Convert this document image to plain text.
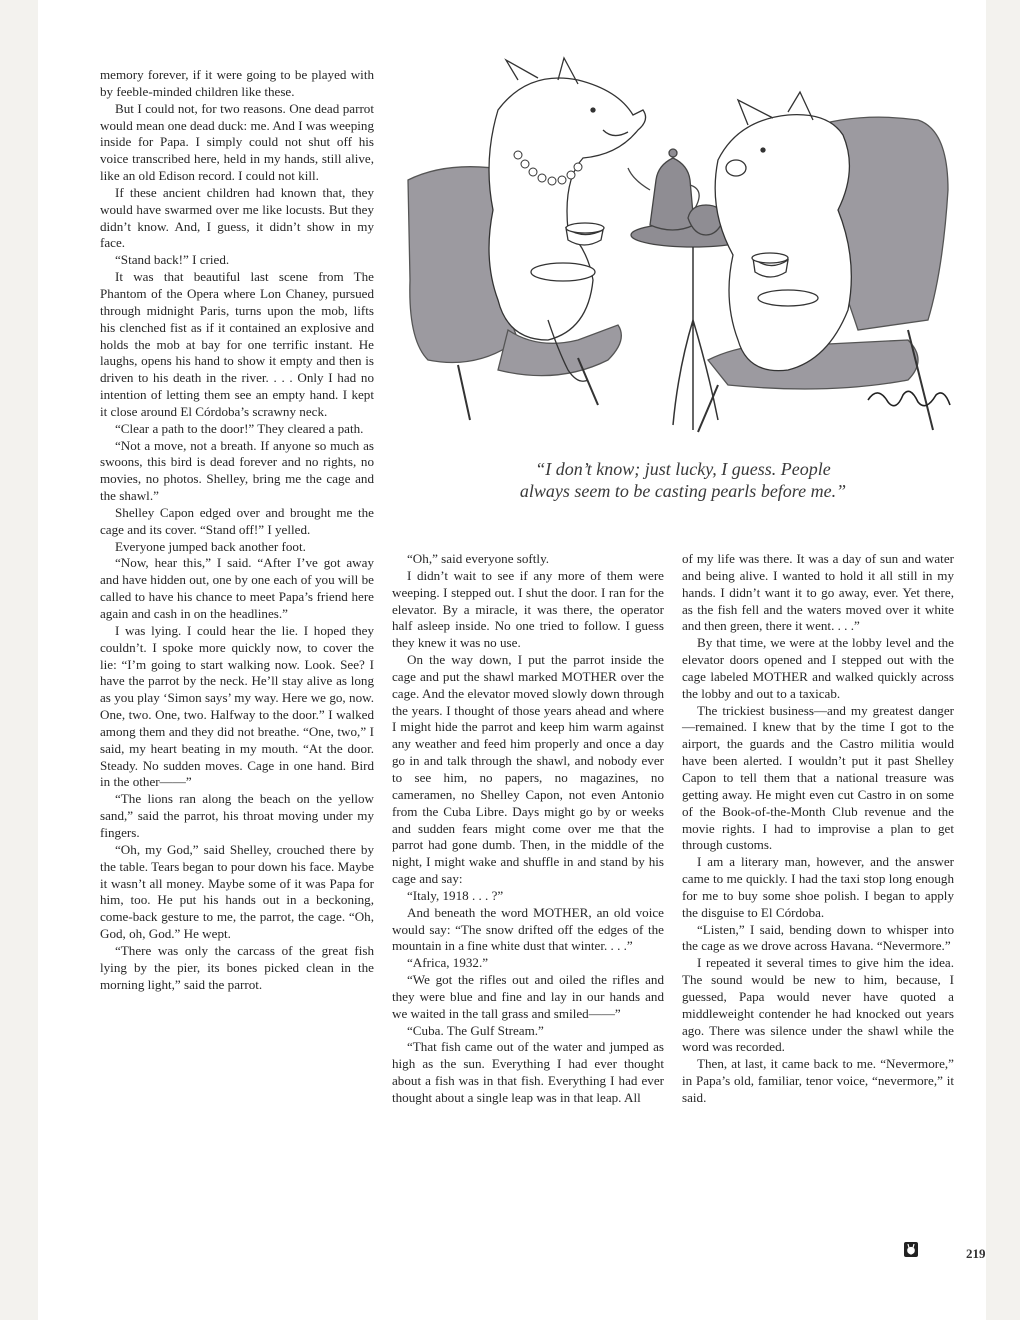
“I don’t know; just lucky, I guess. People
always seem to be casting pearls before me.”

memory forever, if it were going to be played with by feeble-minded children like these.

But I could not, for two reasons. One dead parrot would mean one dead duck: me. And I was weeping inside for Papa. I simply could not shut off his voice transcribed here, held in my hands, still alive, like an old Edison record. I could not kill.

If these ancient children had known that, they would have swarmed over me like locusts. But they didn’t know. And, I guess, it didn’t show in my face.

“Stand back!” I cried.

It was that beautiful last scene from The Phantom of the Opera where Lon Chaney, pursued through midnight Paris, turns upon the mob, lifts his clenched fist as if it contained an explosive and holds the mob at bay for one terrific instant. He laughs, opens his hand to show it empty and then is driven to his death in the river. . . . Only I had no intention of letting them see an empty hand. I kept it close around El Córdoba’s scrawny neck.

“Clear a path to the door!” They cleared a path.

“Not a move, not a breath. If anyone so much as swoons, this bird is dead forever and no rights, no movies, no photos. Shelley, bring me the cage and the shawl.”

Shelley Capon edged over and brought me the cage and its cover. “Stand off!” I yelled.

Everyone jumped back another foot.

“Now, hear this,” I said. “After I’ve got away and have hidden out, one by one each of you will be called to have his chance to meet Papa’s friend here again and cash in on the headlines.”

I was lying. I could hear the lie. I hoped they couldn’t. I spoke more quickly now, to cover the lie: “I’m going to start walking now. Look. See? I have the parrot by the neck. He’ll stay alive as long as you play ‘Simon says’ my way. Here we go, now. One, two. One, two. Halfway to the door.” I walked among them and they did not breathe. “One, two,” I said, my heart beating in my mouth. “At the door. Steady. No sudden moves. Cage in one hand. Bird in the other——”

“The lions ran along the beach on the yellow sand,” said the parrot, his throat moving under my fingers.

“Oh, my God,” said Shelley, crouched there by the table. Tears began to pour down his face. Maybe it wasn’t all money. Maybe some of it was Papa for him, too. He put his hands out in a beckoning, come-back gesture to me, the parrot, the cage. “Oh, God, oh, God.” He wept.

“There was only the carcass of the great fish lying by the pier, its bones picked clean in the morning light,” said the parrot.

“Oh,” said everyone softly.

I didn’t wait to see if any more of them were weeping. I stepped out. I shut the door. I ran for the elevator. By a miracle, it was there, the operator half asleep inside. No one tried to follow. I guess they knew it was no use.

On the way down, I put the parrot inside the cage and put the shawl marked MOTHER over the cage. And the elevator moved slowly down through the years. I thought of those years ahead and where I might hide the parrot and keep him warm against any weather and feed him properly and once a day go in and talk through the shawl, and nobody ever to see him, no papers, no magazines, no cameramen, no Shelley Capon, not even Antonio from the Cuba Libre. Days might go by or weeks and sudden fears might come over me that the parrot had gone dumb. Then, in the middle of the night, I might wake and shuffle in and stand by his cage and say:

“Italy, 1918 . . . ?”

And beneath the word MOTHER, an old voice would say: “The snow drifted off the edges of the mountain in a fine white dust that winter. . . .”

“Africa, 1932.”

“We got the rifles out and oiled the rifles and they were blue and fine and lay in our hands and we waited in the tall grass and smiled——”

“Cuba. The Gulf Stream.”

“That fish came out of the water and jumped as high as the sun. Everything I had ever thought about a fish was in that fish. Everything I had ever thought about a single leap was in that leap. All

of my life was there. It was a day of sun and water and being alive. I wanted to hold it all still in my hands. I didn’t want it to go away, ever. Yet there, as the fish fell and the waters moved over it white and then green, there it went. . . .”

By that time, we were at the lobby level and the elevator doors opened and I stepped out with the cage labeled MOTHER and walked quickly across the lobby and out to a taxicab.

The trickiest business—and my greatest danger—remained. I knew that by the time I got to the airport, the guards and the Castro militia would have been alerted. I wouldn’t put it past Shelley Capon to tell them that a national treasure was getting away. He might even cut Castro in on some of the Book-of-the-Month Club revenue and the movie rights. I had to improvise a plan to get through customs.

I am a literary man, however, and the answer came to me quickly. I had the taxi stop long enough for me to buy some shoe polish. I began to apply the disguise to El Córdoba.

“Listen,” I said, bending down to whisper into the cage as we drove across Havana. “Nevermore.”

I repeated it several times to give him the idea. The sound would be new to him, because, I guessed, Papa would never have quoted a middleweight contender he had knocked out years ago. There was silence under the shawl while the word was recorded.

Then, at last, it came back to me. “Nevermore,” in Papa’s old, familiar, tenor voice, “nevermore,” it said.

219
